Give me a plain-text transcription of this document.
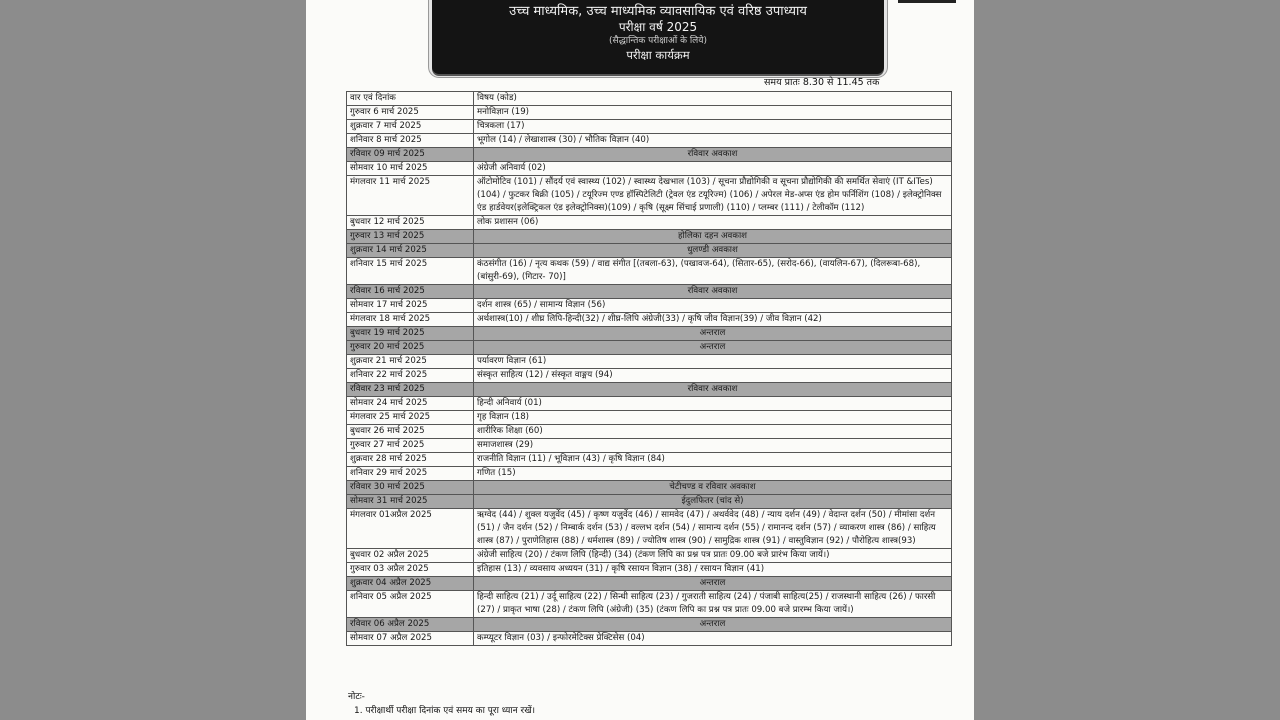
उच्च माध्यमिक, उच्च माध्यमिक व्यावसायिक एवं वरिष्ठ उपाध्याय
परीक्षा वर्ष 2025
(सैद्धान्तिक परीक्षाओं के लिये)
परीक्षा कार्यक्रम
समय प्रातः 8.30 से 11.45 तक
वार एवं दिनांक	विषय (कोड)
गुरुवार 6 मार्च 2025	मनोविज्ञान (19)
शुक्रवार 7 मार्च 2025	चित्रकला (17)
शनिवार 8 मार्च 2025	भूगोल (14) / लेखाशास्त्र (30) / भौतिक विज्ञान (40)
रविवार 09 मार्च 2025	रविवार अवकाश
सोमवार 10 मार्च 2025	अंग्रेजी अनिवार्य (02)
मंगलवार 11 मार्च 2025	ऑटोमोटिव (101) / सौंदर्य एवं स्वास्थ्य (102) / स्वास्थ्य देखभाल (103) / सूचना प्रौद्योगिकी व सूचना प्रौद्योगिकी की समर्थित सेवाएं (IT &ITes)(104) / फुटकर बिक्री (105) / टयूरिज्म एण्ड हॉस्पिटेलिटी (ट्रेवल एंड टयूरिज्म) (106) / अपेरल मेड-अप्स एंड होम फर्निशिंग (108) / इलेक्ट्रोनिक्स एंड हार्डवेयर(इलेक्ट्रिकल एंड इलेक्ट्रोनिक्स)(109) / कृषि (सूक्ष्म सिंचाई प्रणाली) (110) / प्लम्बर (111) / टेलीकॉम (112)
बुधवार 12 मार्च 2025	लोक प्रशासन (06)
गुरुवार 13 मार्च 2025	होलिका दहन अवकाश
शुक्रवार 14 मार्च 2025	धुलण्डी अवकाश
शनिवार 15 मार्च 2025	कंठसंगीत (16) / नृत्य कथक (59) / वाद्य संगीत [(तबला-63), (पखावज-64), (सितार-65), (सरोद-66), (वायलिन-67), (दिलरूबा-68), (बांसुरी-69), (गिटार- 70)]
रविवार 16 मार्च 2025	रविवार अवकाश
सोमवार 17 मार्च 2025	दर्शन शास्त्र (65) / सामान्य विज्ञान (56)
मंगलवार 18 मार्च 2025	अर्थशास्त्र(10) / शीघ्र लिपि-हिन्दी(32) / शीघ्र-लिपि अंग्रेजी(33) / कृषि जीव विज्ञान(39) / जीव विज्ञान (42)
बुधवार 19 मार्च 2025	अन्तराल
गुरुवार 20 मार्च 2025	अन्तराल
शुक्रवार 21 मार्च 2025	पर्यावरण विज्ञान (61)
शनिवार 22 मार्च 2025	संस्कृत साहित्य (12) / संस्कृत वाङ्मय (94)
रविवार 23 मार्च 2025	रविवार अवकाश
सोमवार 24 मार्च 2025	हिन्दी अनिवार्य (01)
मंगलवार 25 मार्च 2025	गृह विज्ञान (18)
बुधवार 26 मार्च 2025	शारीरिक शिक्षा (60)
गुरुवार 27 मार्च 2025	समाजशास्त्र (29)
शुक्रवार 28 मार्च 2025	राजनीति विज्ञान (11) / भूविज्ञान (43) / कृषि विज्ञान (84)
शनिवार 29 मार्च 2025	गणित (15)
रविवार 30 मार्च 2025	चेटीचण्ड व रविवार अवकाश
सोमवार 31 मार्च 2025	ईदुलफितर (चांद से)
मंगलवार 01अप्रैल 2025	ऋग्वेद (44) / शुक्ल यजुर्वेद (45) / कृष्ण यजुर्वेद (46) / सामवेद (47) / अथर्ववेद (48) / न्याय दर्शन (49) / वेदान्त दर्शन (50) / मीमांसा दर्शन (51) / जैन दर्शन (52) / निम्बार्क दर्शन (53) / वल्लभ दर्शन (54) / सामान्य दर्शन (55) / रामानन्द दर्शन (57) / व्याकरण शास्त्र (86) / साहित्य शास्त्र (87) / पुराणेतिहास (88) / धर्मशास्त्र (89) / ज्योतिष शास्त्र (90) / सामुद्रिक शास्त्र (91) / वास्तुविज्ञान (92) / पौरोहित्य शास्त्र(93)
बुधवार 02 अप्रैल 2025	अंग्रेजी साहित्य (20) / टंकण लिपि (हिन्दी) (34) (टंकण लिपि का प्रश्न पत्र प्रातः 09.00 बजे प्रारंभ किया जायें।)
गुरुवार 03 अप्रैल 2025	इतिहास (13) / व्यवसाय अध्ययन (31) / कृषि रसायन विज्ञान (38) / रसायन विज्ञान (41)
शुक्रवार 04 अप्रैल 2025	अन्तराल
शनिवार 05 अप्रैल 2025	हिन्दी साहित्य (21) / उर्दू साहित्य (22) / सिन्धी साहित्य (23) / गुजराती साहित्य (24) / पंजाबी साहित्य(25) / राजस्थानी साहित्य (26) / फारसी (27) / प्राकृत भाषा (28) / टंकण लिपि (अंग्रेजी) (35) (टंकण लिपि का प्रश्न पत्र प्रातः 09.00 बजे प्रारम्भ किया जायें।)
रविवार 06 अप्रैल 2025	अन्तराल
सोमवार 07 अप्रैल 2025	कम्प्यूटर विज्ञान (03) / इन्फोरमेटिक्स प्रेक्टिसेस (04)
नोटः-
1. परीक्षार्थी परीक्षा दिनांक एवं समय का पूरा ध्यान रखें।
